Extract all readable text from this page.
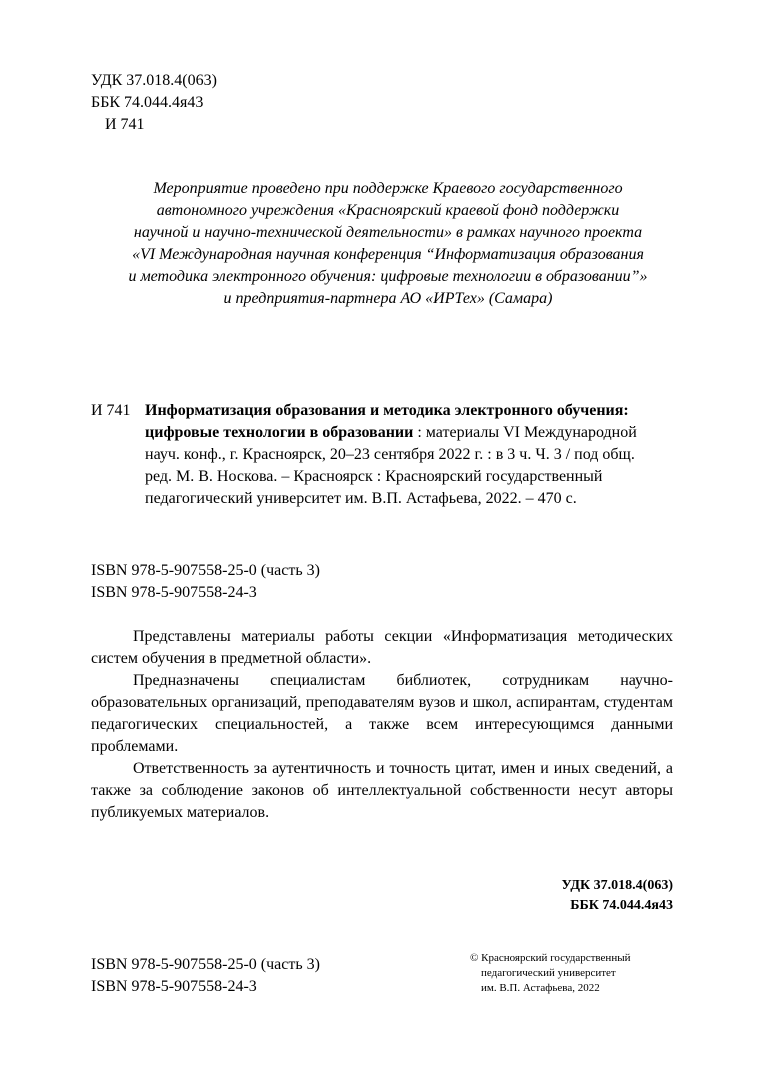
УДК 37.018.4(063)
ББК 74.044.4я43
И 741
Мероприятие проведено при поддержке Краевого государственного
автономного учреждения «Красноярский краевой фонд поддержки
научной и научно-технической деятельности» в рамках научного проекта
«VI Международная научная конференция “Информатизация образования
и методика электронного обучения: цифровые технологии в образовании”»
и предприятия-партнера АО «ИРТех» (Самара)
И 741 Информатизация образования и методика электронного обучения:
цифровые технологии в образовании : материалы VI Международной
науч. конф., г. Красноярск, 20–23 сентября 2022 г. : в 3 ч. Ч. 3 / под общ.
ред. М. В. Носкова. – Красноярск : Красноярский государственный
педагогический университет им. В.П. Астафьева, 2022. – 470 с.
ISBN 978-5-907558-25-0 (часть 3)
ISBN 978-5-907558-24-3

Представлены материалы работы секции «Информатизация методических систем обучения в предметной области».

Предназначены специалистам библиотек, сотрудникам научно-образовательных организаций, преподавателям вузов и школ, аспирантам, студентам педагогических специальностей, а также всем интересующимся данными проблемами.

Ответственность за аутентичность и точность цитат, имен и иных сведений, а также за соблюдение законов об интеллектуальной собственности несут авторы публикуемых материалов.

УДК 37.018.4(063)
ББК 74.044.4я43
ISBN 978-5-907558-25-0 (часть 3)
ISBN 978-5-907558-24-3
© Красноярский государственный
педагогический университет
им. В.П. Астафьева, 2022
